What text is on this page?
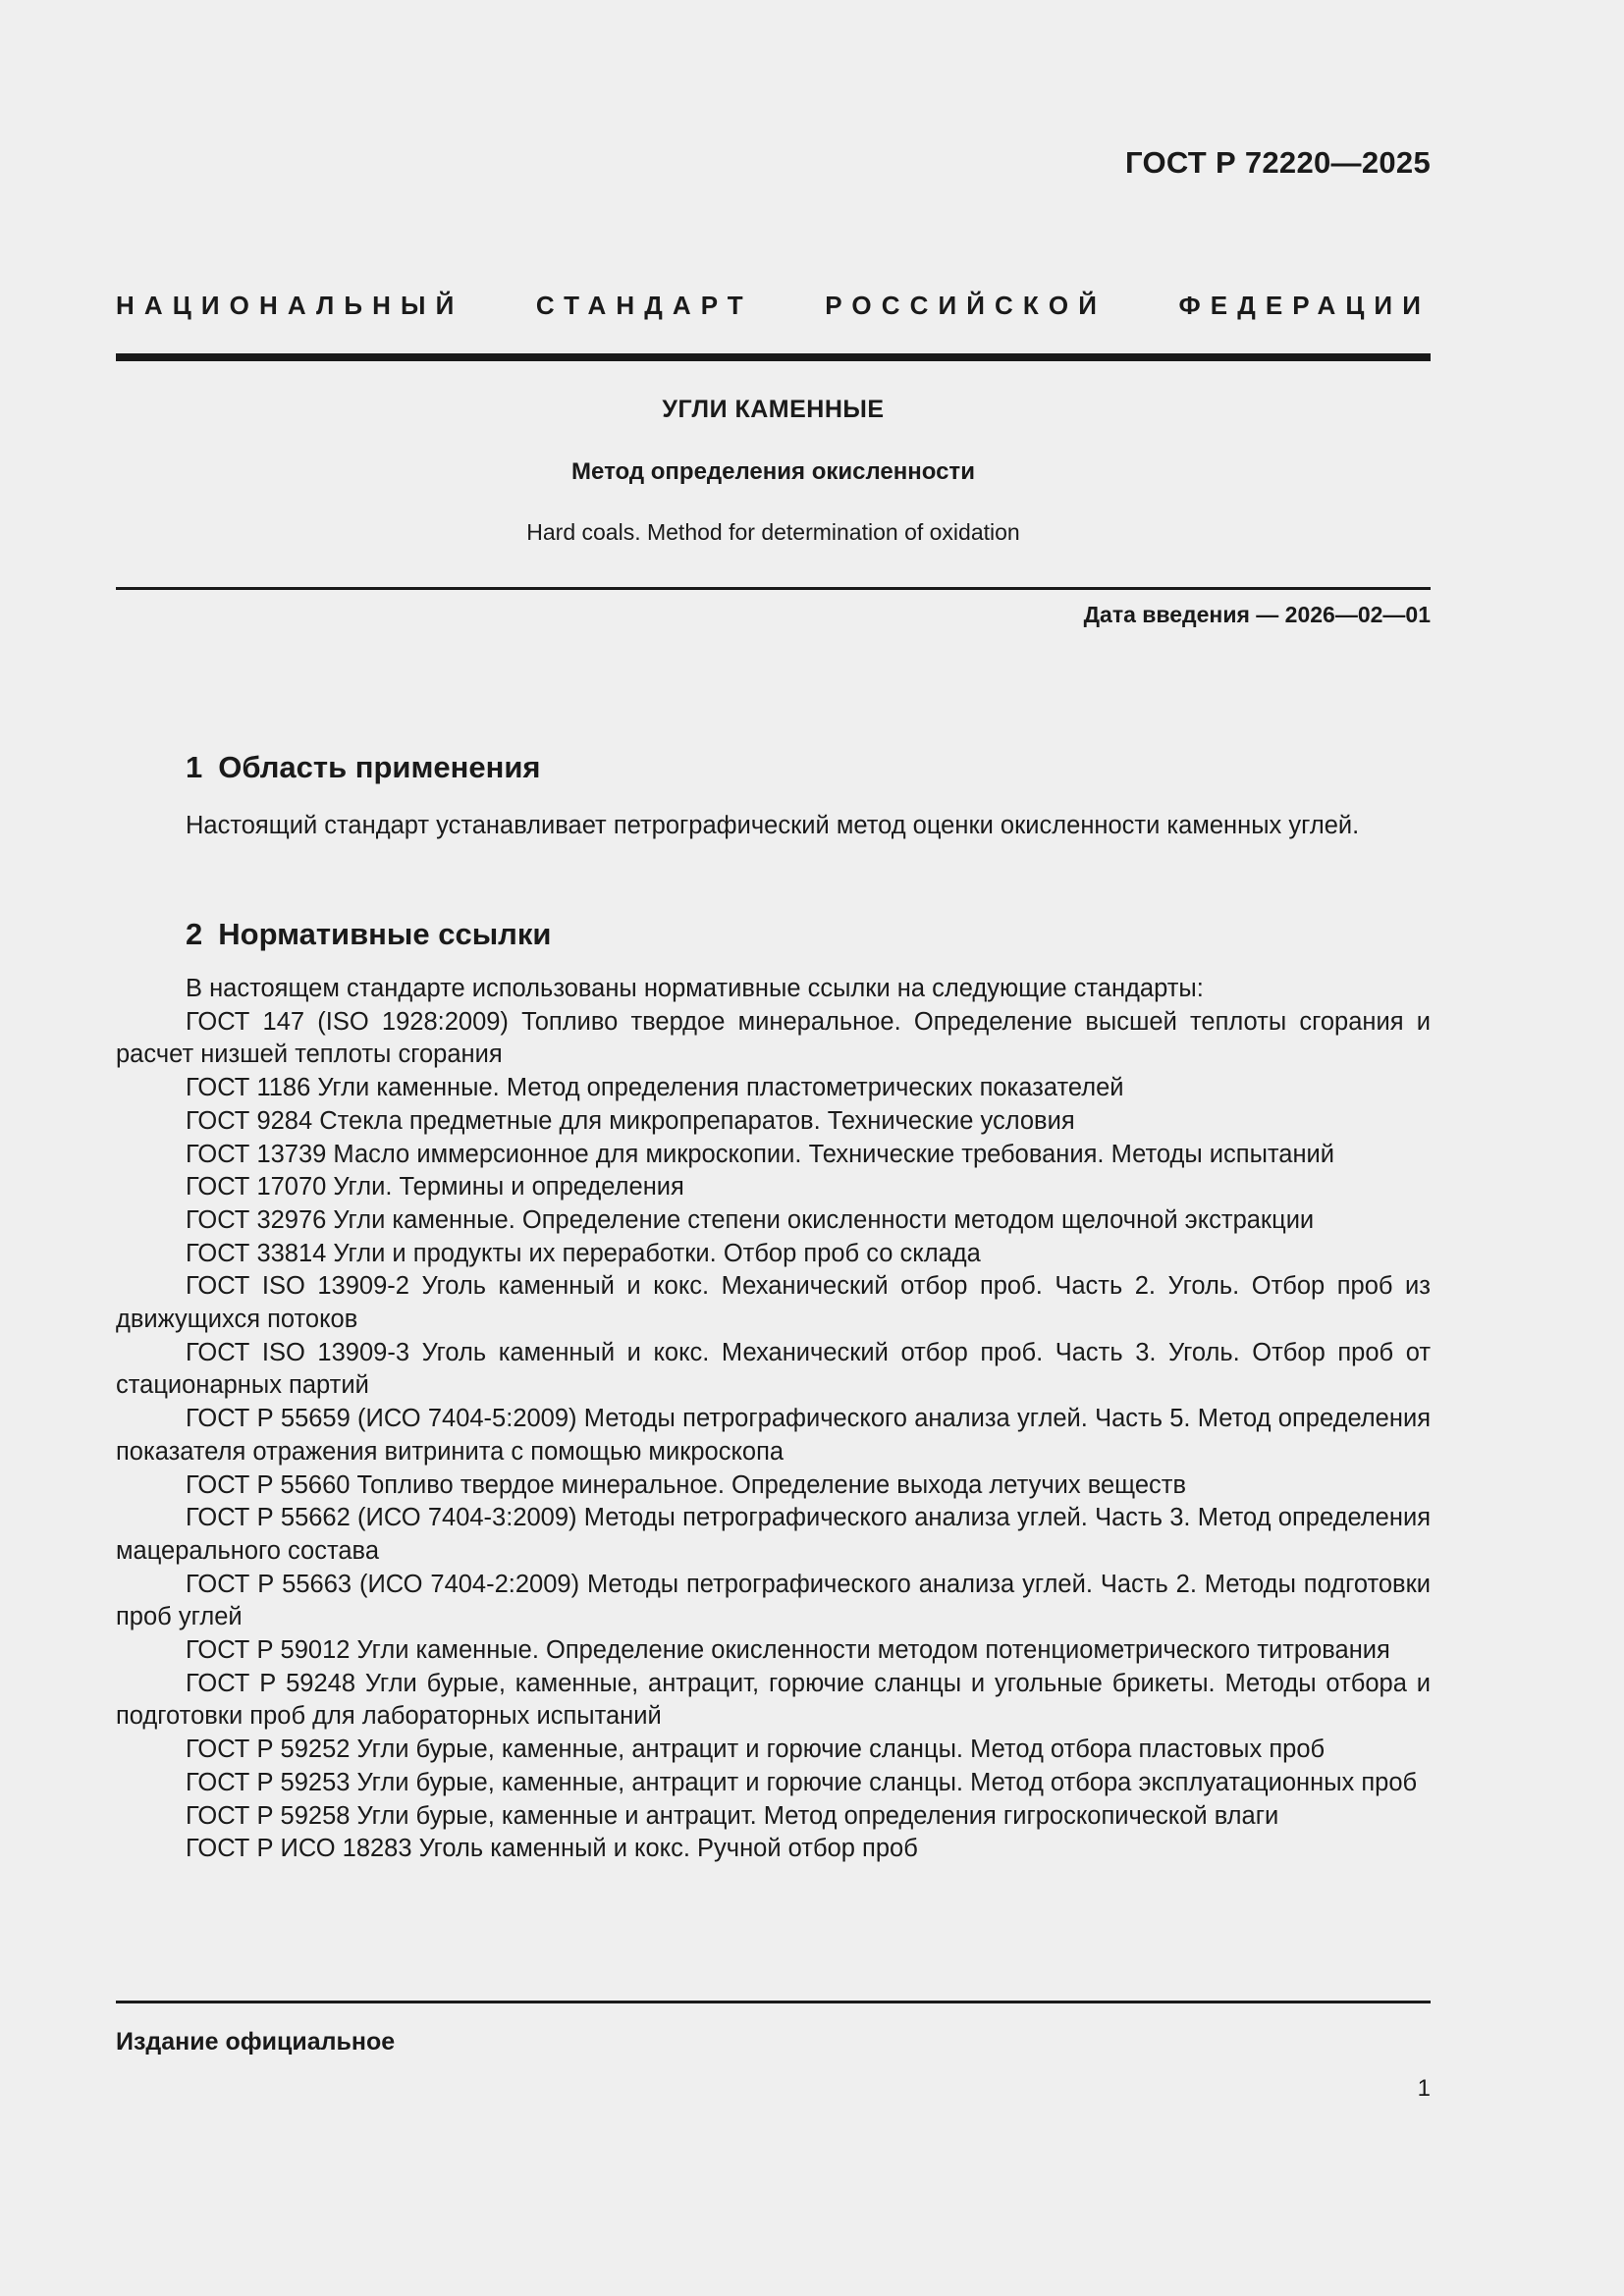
ГОСТ Р 72220—2025
НАЦИОНАЛЬНЫЙ СТАНДАРТ РОССИЙСКОЙ ФЕДЕРАЦИИ
УГЛИ КАМЕННЫЕ
Метод определения окисленности
Hard coals. Method for determination of oxidation
Дата введения — 2026—02—01
1 Область применения

Настоящий стандарт устанавливает петрографический метод оценки окисленности каменных углей.

2 Нормативные ссылки

В настоящем стандарте использованы нормативные ссылки на следующие стандарты:

ГОСТ 147 (ISO 1928:2009) Топливо твердое минеральное. Определение высшей теплоты сгорания и расчет низшей теплоты сгорания

ГОСТ 1186 Угли каменные. Метод определения пластометрических показателей

ГОСТ 9284 Стекла предметные для микропрепаратов. Технические условия

ГОСТ 13739 Масло иммерсионное для микроскопии. Технические требования. Методы испытаний

ГОСТ 17070 Угли. Термины и определения

ГОСТ 32976 Угли каменные. Определение степени окисленности методом щелочной экстракции

ГОСТ 33814 Угли и продукты их переработки. Отбор проб со склада

ГОСТ ISO 13909-2 Уголь каменный и кокс. Механический отбор проб. Часть 2. Уголь. Отбор проб из движущихся потоков

ГОСТ ISO 13909-3 Уголь каменный и кокс. Механический отбор проб. Часть 3. Уголь. Отбор проб от стационарных партий

ГОСТ Р 55659 (ИСО 7404-5:2009) Методы петрографического анализа углей. Часть 5. Метод определения показателя отражения витринита с помощью микроскопа

ГОСТ Р 55660 Топливо твердое минеральное. Определение выхода летучих веществ

ГОСТ Р 55662 (ИСО 7404-3:2009) Методы петрографического анализа углей. Часть 3. Метод определения мацерального состава

ГОСТ Р 55663 (ИСО 7404-2:2009) Методы петрографического анализа углей. Часть 2. Методы подготовки проб углей

ГОСТ Р 59012 Угли каменные. Определение окисленности методом потенциометрического титрования

ГОСТ Р 59248 Угли бурые, каменные, антрацит, горючие сланцы и угольные брикеты. Методы отбора и подготовки проб для лабораторных испытаний

ГОСТ Р 59252 Угли бурые, каменные, антрацит и горючие сланцы. Метод отбора пластовых проб

ГОСТ Р 59253 Угли бурые, каменные, антрацит и горючие сланцы. Метод отбора эксплуатационных проб

ГОСТ Р 59258 Угли бурые, каменные и антрацит. Метод определения гигроскопической влаги

ГОСТ Р ИСО 18283 Уголь каменный и кокс. Ручной отбор проб

Издание официальное
1
